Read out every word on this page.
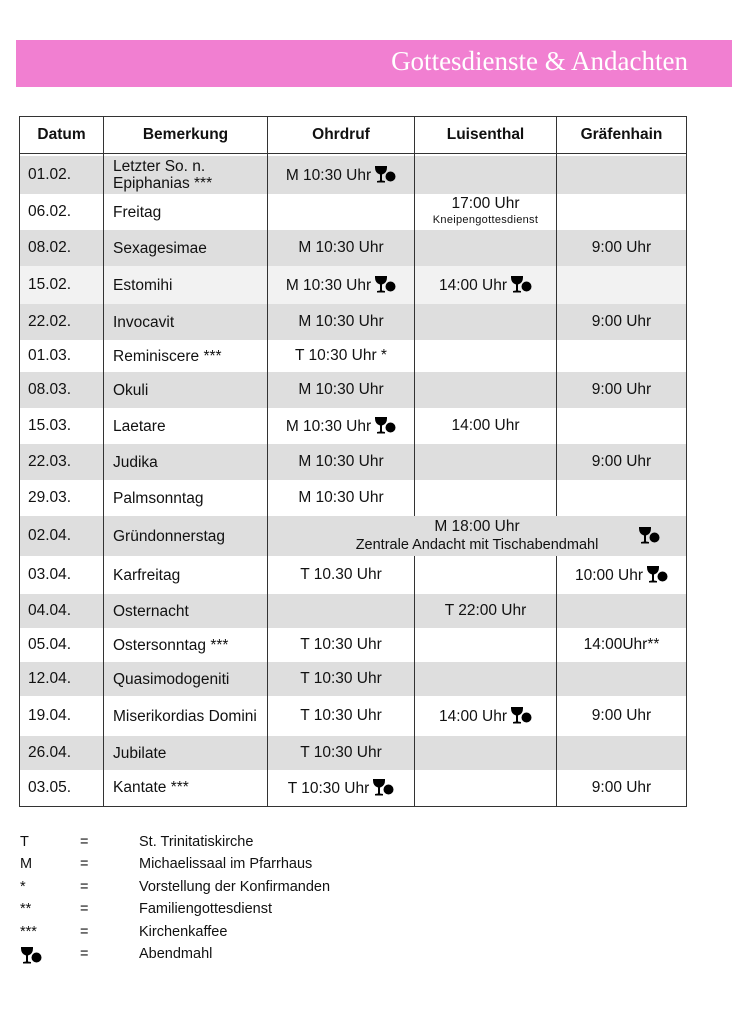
Gottesdienste & Andachten
Datum	Bemerkung	Ohrdruf	Luisenthal	Gräfenhain

01.02.	Letzter So. n. Epiphanias ***	M 10:30 Uhr		
06.02.	Freitag		17:00 Uhr
Kneipengottesdienst	

08.02.	Sexagesimae	M 10:30 Uhr		9:00 Uhr
15.02.	Estomihi	M 10:30 Uhr	14:00 Uhr	
22.02.	Invocavit	M 10:30 Uhr		9:00 Uhr
01.03.	Reminiscere ***	T 10:30 Uhr *		
08.03.	Okuli	M 10:30 Uhr		9:00 Uhr
15.03.	Laetare	M 10:30 Uhr	14:00 Uhr	
22.03.	Judika	M 10:30 Uhr		9:00 Uhr
29.03.	Palmsonntag	M 10:30 Uhr		
02.04.	Gründonnerstag	M 18:00 Uhr
Zentrale Andacht mit Tischabendmahl		

03.04.	Karfreitag	T 10.30 Uhr		10:00 Uhr
04.04.	Osternacht		T 22:00 Uhr	
05.04.	Ostersonntag ***	T 10:30 Uhr		14:00Uhr**
12.04.	Quasimodogeniti	T 10:30 Uhr		
19.04.	Miserikordias Domini	T 10:30 Uhr	14:00 Uhr	9:00 Uhr
26.04.	Jubilate	T 10:30 Uhr		
03.05.	Kantate ***	T 10:30 Uhr		9:00 Uhr
T	=	St. Trinitatiskirche
M	=	Michaelissaal im Pfarrhaus
*	=	Vorstellung der Konfirmanden
**	=	Familiengottesdienst
***	=	Kirchenkaffee
=	Abendmahl
